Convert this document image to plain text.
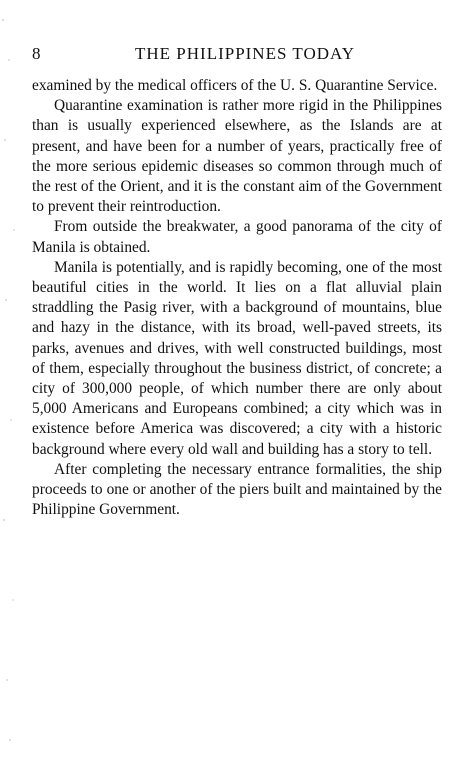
8	THE PHILIPPINES TODAY

examined by the medical officers of the U. S. Quarantine Service.

Quarantine examination is rather more rigid in the Philippines than is usually experienced elsewhere, as the Islands are at present, and have been for a number of years, practically free of the more serious epidemic diseases so common through much of the rest of the Orient, and it is the constant aim of the Government to prevent their reintroduction.

From outside the breakwater, a good panorama of the city of Manila is obtained.

Manila is potentially, and is rapidly becoming, one of the most beautiful cities in the world. It lies on a flat alluvial plain straddling the Pasig river, with a background of mountains, blue and hazy in the distance, with its broad, well-paved streets, its parks, avenues and drives, with well constructed buildings, most of them, especially throughout the business district, of concrete; a city of 300,000 people, of which number there are only about 5,000 Americans and Europeans combined; a city which was in existence before America was discovered; a city with a historic background where every old wall and building has a story to tell.

After completing the necessary entrance formalities, the ship proceeds to one or another of the piers built and maintained by the Philippine Government.
